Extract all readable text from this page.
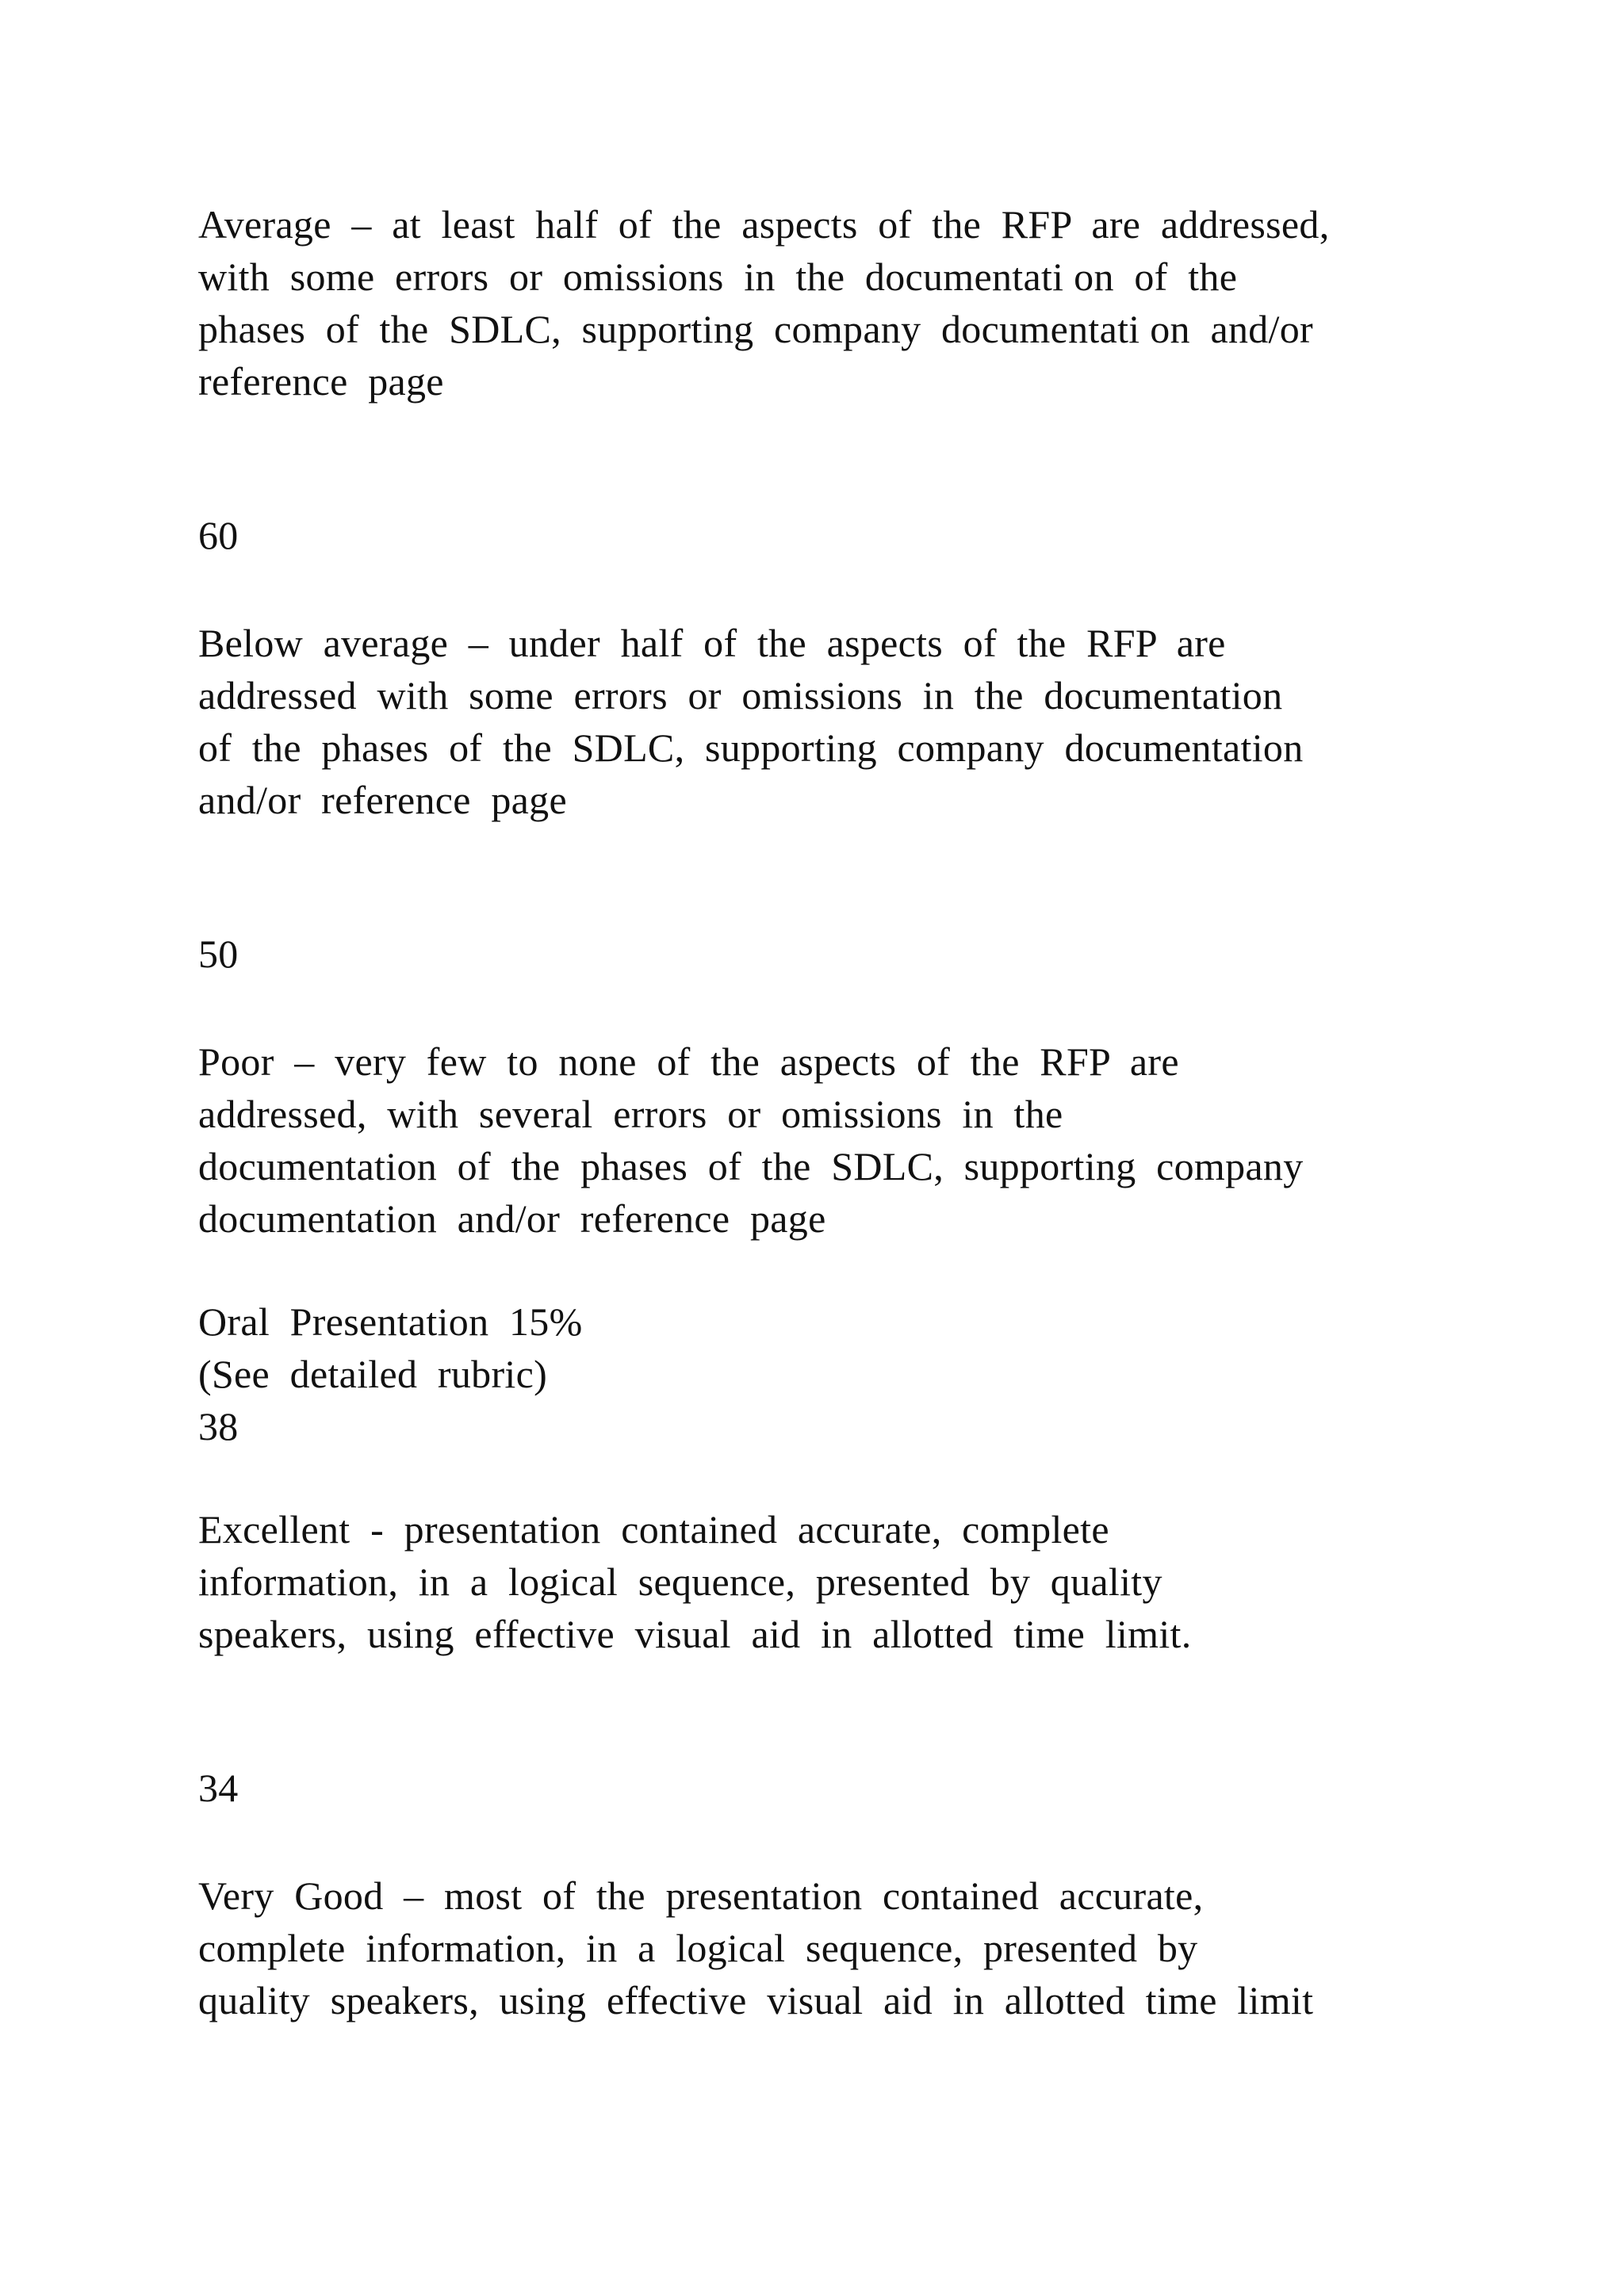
Average  –  at  least  half  of  the  aspects  of  the  RFP  are  addressed,

with  some  errors  or  omissions  in  the  documentati on  of  the

phases  of  the  SDLC,  supporting  company  documentati on  and/or

reference  page

60

Below  average  –  under  half  of  the  aspects  of  the  RFP  are

addressed  with  some  errors  or  omissions  in  the  documentation

of  the  phases  of  the  SDLC,  supporting  company  documentation

and/or  reference  page

50

Poor  –  very  few  to  none  of  the  aspects  of  the  RFP  are

addressed,  with  several  errors  or  omissions  in  the

documentation  of  the  phases  of  the  SDLC,  supporting  company

documentation  and/or  reference  page

Oral  Presentation  15%

(See  detailed  rubric)

38

Excellent  -  presentation  contained  accurate,  complete

information,  in  a  logical  sequence,  presented  by  quality

speakers,  using  effective  visual  aid  in  allotted  time  limit.

34

Very  Good  –  most  of  the  presentation  contained  accurate,

complete  information,  in  a  logical  sequence,  presented  by

quality  speakers,  using  effective  visual  aid  in  allotted  time  limit
